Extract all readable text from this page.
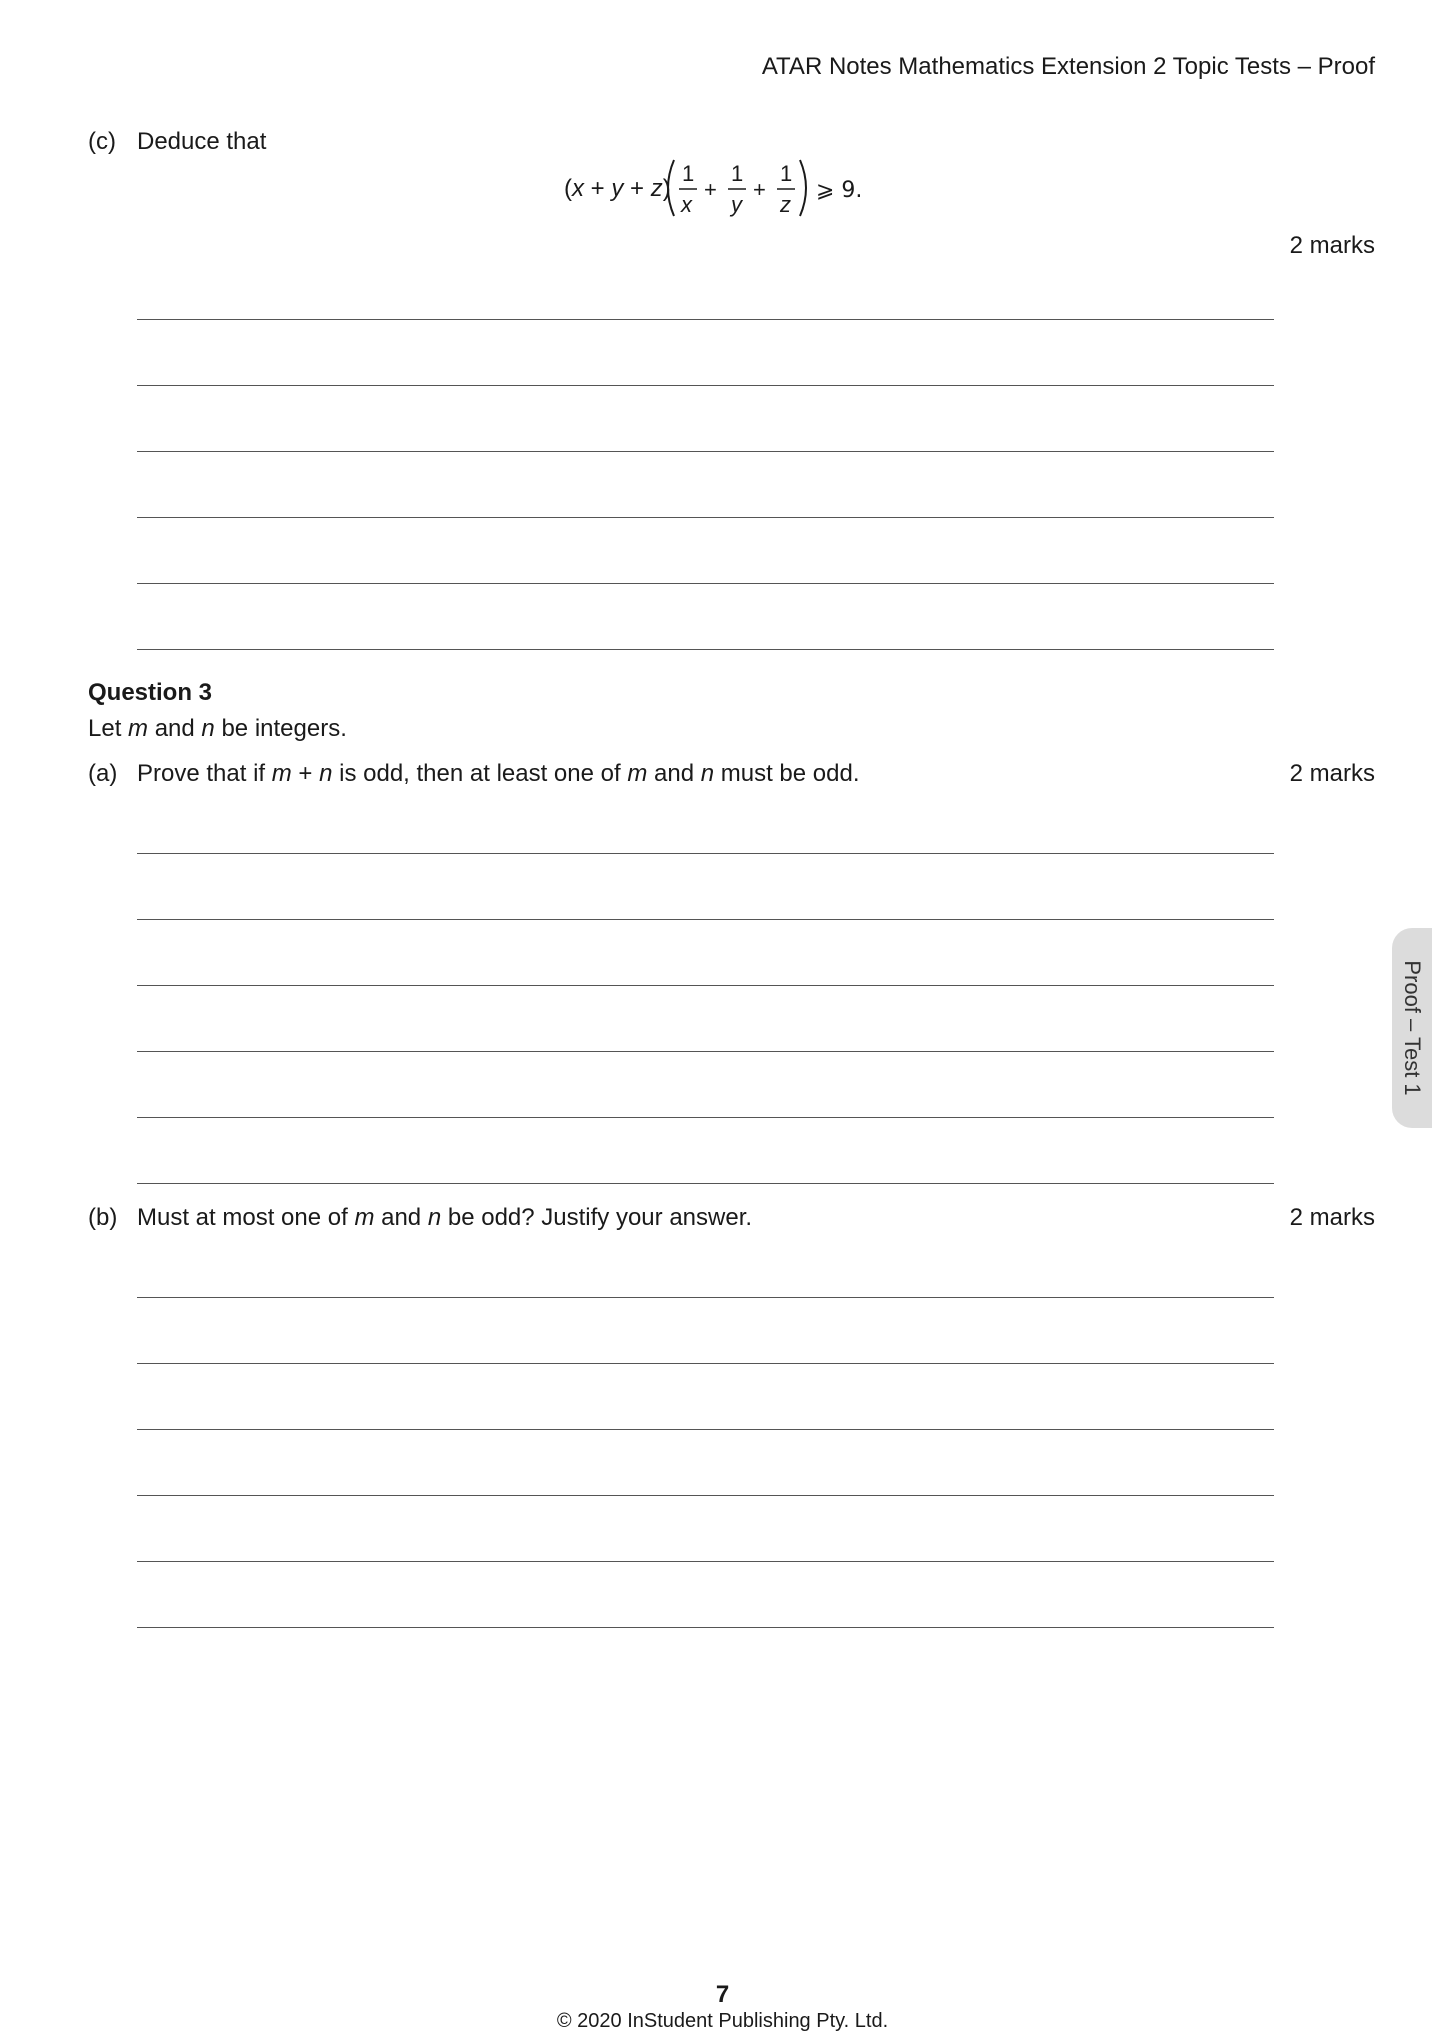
ATAR Notes Mathematics Extension 2 Topic Tests – Proof
(c) Deduce that
(x + y + z)
1
x
+
1
y
+
1
z
⩾ 9.
2 marks
Question 3
Let m and n be integers.
(a) Prove that if m + n is odd, then at least one of m and n must be odd.	2 marks
(b) Must at most one of m and n be odd? Justify your answer.	2 marks
Proof – Test 1
7
© 2020 InStudent Publishing Pty. Ltd.
